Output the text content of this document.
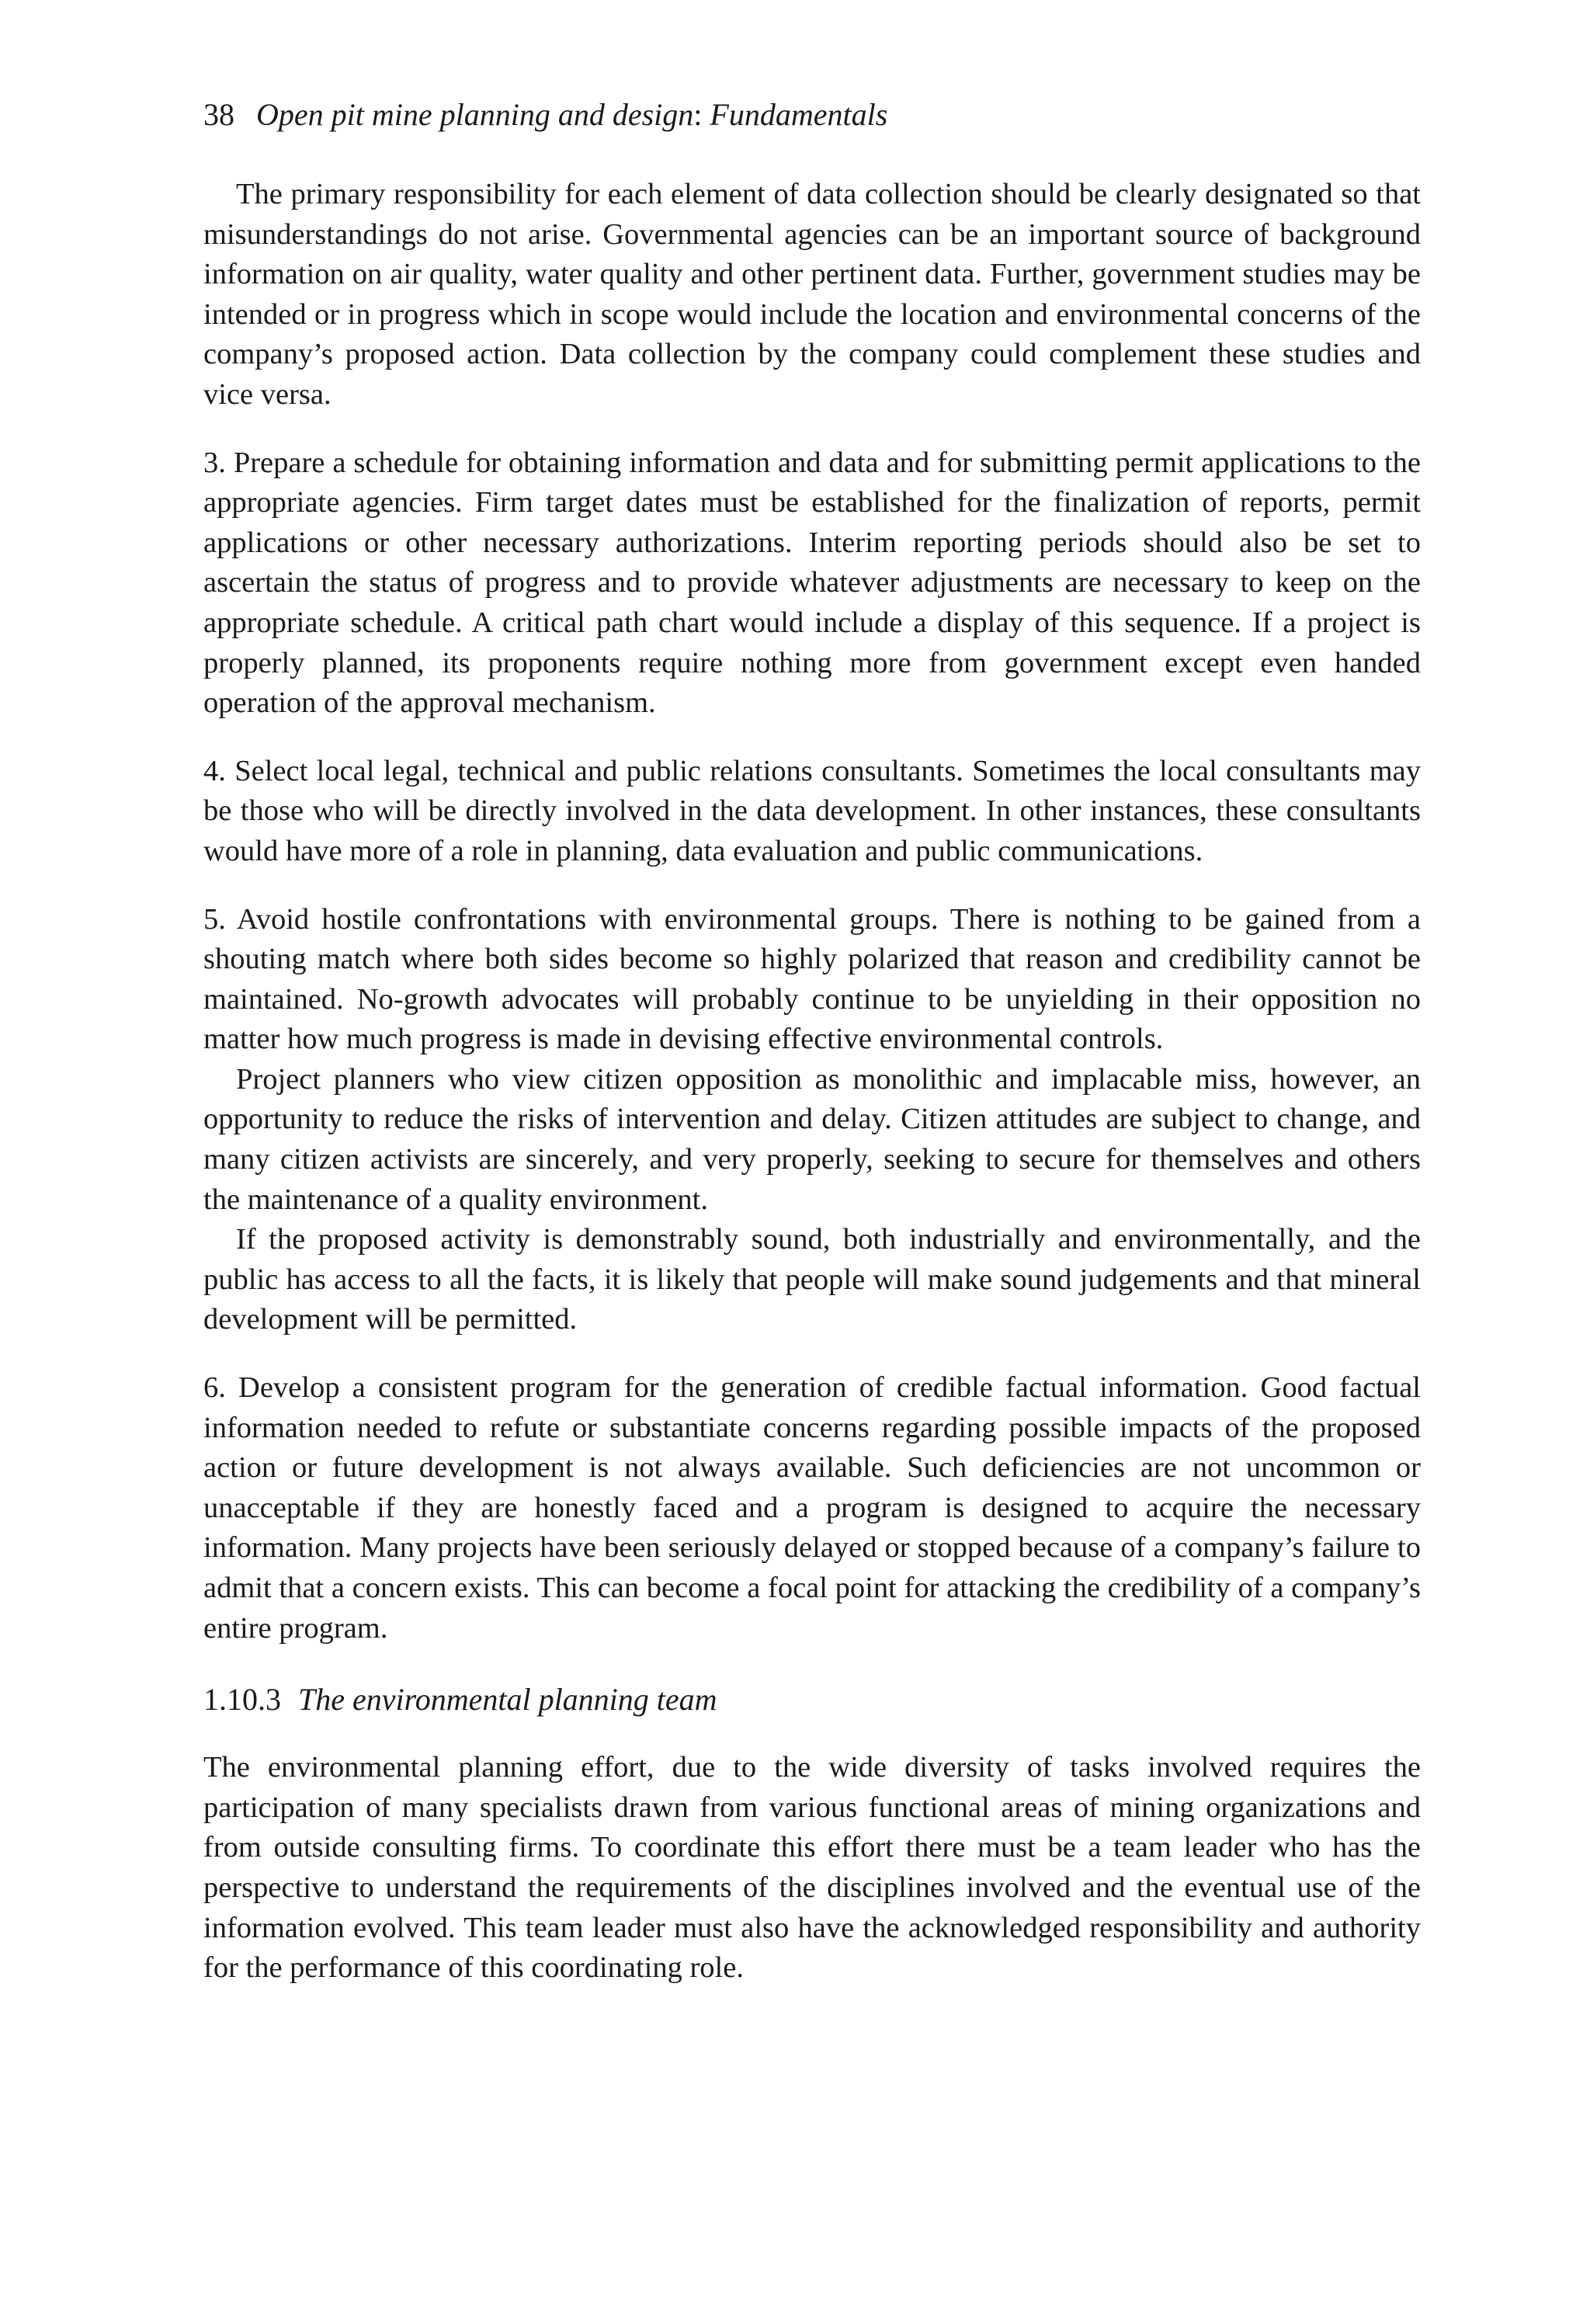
38 Open pit mine planning and design: Fundamentals

The primary responsibility for each element of data collection should be clearly designated so that misunderstandings do not arise. Governmental agencies can be an important source of background information on air quality, water quality and other pertinent data. Further, government studies may be intended or in progress which in scope would include the location and environmental concerns of the company’s proposed action. Data collection by the company could complement these studies and vice versa.

3. Prepare a schedule for obtaining information and data and for submitting permit applications to the appropriate agencies. Firm target dates must be established for the finalization of reports, permit applications or other necessary authorizations. Interim reporting periods should also be set to ascertain the status of progress and to provide whatever adjustments are necessary to keep on the appropriate schedule. A critical path chart would include a display of this sequence. If a project is properly planned, its proponents require nothing more from government except even handed operation of the approval mechanism.

4. Select local legal, technical and public relations consultants. Sometimes the local consultants may be those who will be directly involved in the data development. In other instances, these consultants would have more of a role in planning, data evaluation and public communications.

5. Avoid hostile confrontations with environmental groups. There is nothing to be gained from a shouting match where both sides become so highly polarized that reason and credibility cannot be maintained. No-growth advocates will probably continue to be unyielding in their opposition no matter how much progress is made in devising effective environmental controls.

Project planners who view citizen opposition as monolithic and implacable miss, however, an opportunity to reduce the risks of intervention and delay. Citizen attitudes are subject to change, and many citizen activists are sincerely, and very properly, seeking to secure for themselves and others the maintenance of a quality environment.

If the proposed activity is demonstrably sound, both industrially and environmentally, and the public has access to all the facts, it is likely that people will make sound judgements and that mineral development will be permitted.

6. Develop a consistent program for the generation of credible factual information. Good factual information needed to refute or substantiate concerns regarding possible impacts of the proposed action or future development is not always available. Such deficiencies are not uncommon or unacceptable if they are honestly faced and a program is designed to acquire the necessary information. Many projects have been seriously delayed or stopped because of a company’s failure to admit that a concern exists. This can become a focal point for attacking the credibility of a company’s entire program.

1.10.3 The environmental planning team

The environmental planning effort, due to the wide diversity of tasks involved requires the participation of many specialists drawn from various functional areas of mining organizations and from outside consulting firms. To coordinate this effort there must be a team leader who has the perspective to understand the requirements of the disciplines involved and the eventual use of the information evolved. This team leader must also have the acknowledged responsibility and authority for the performance of this coordinating role.
